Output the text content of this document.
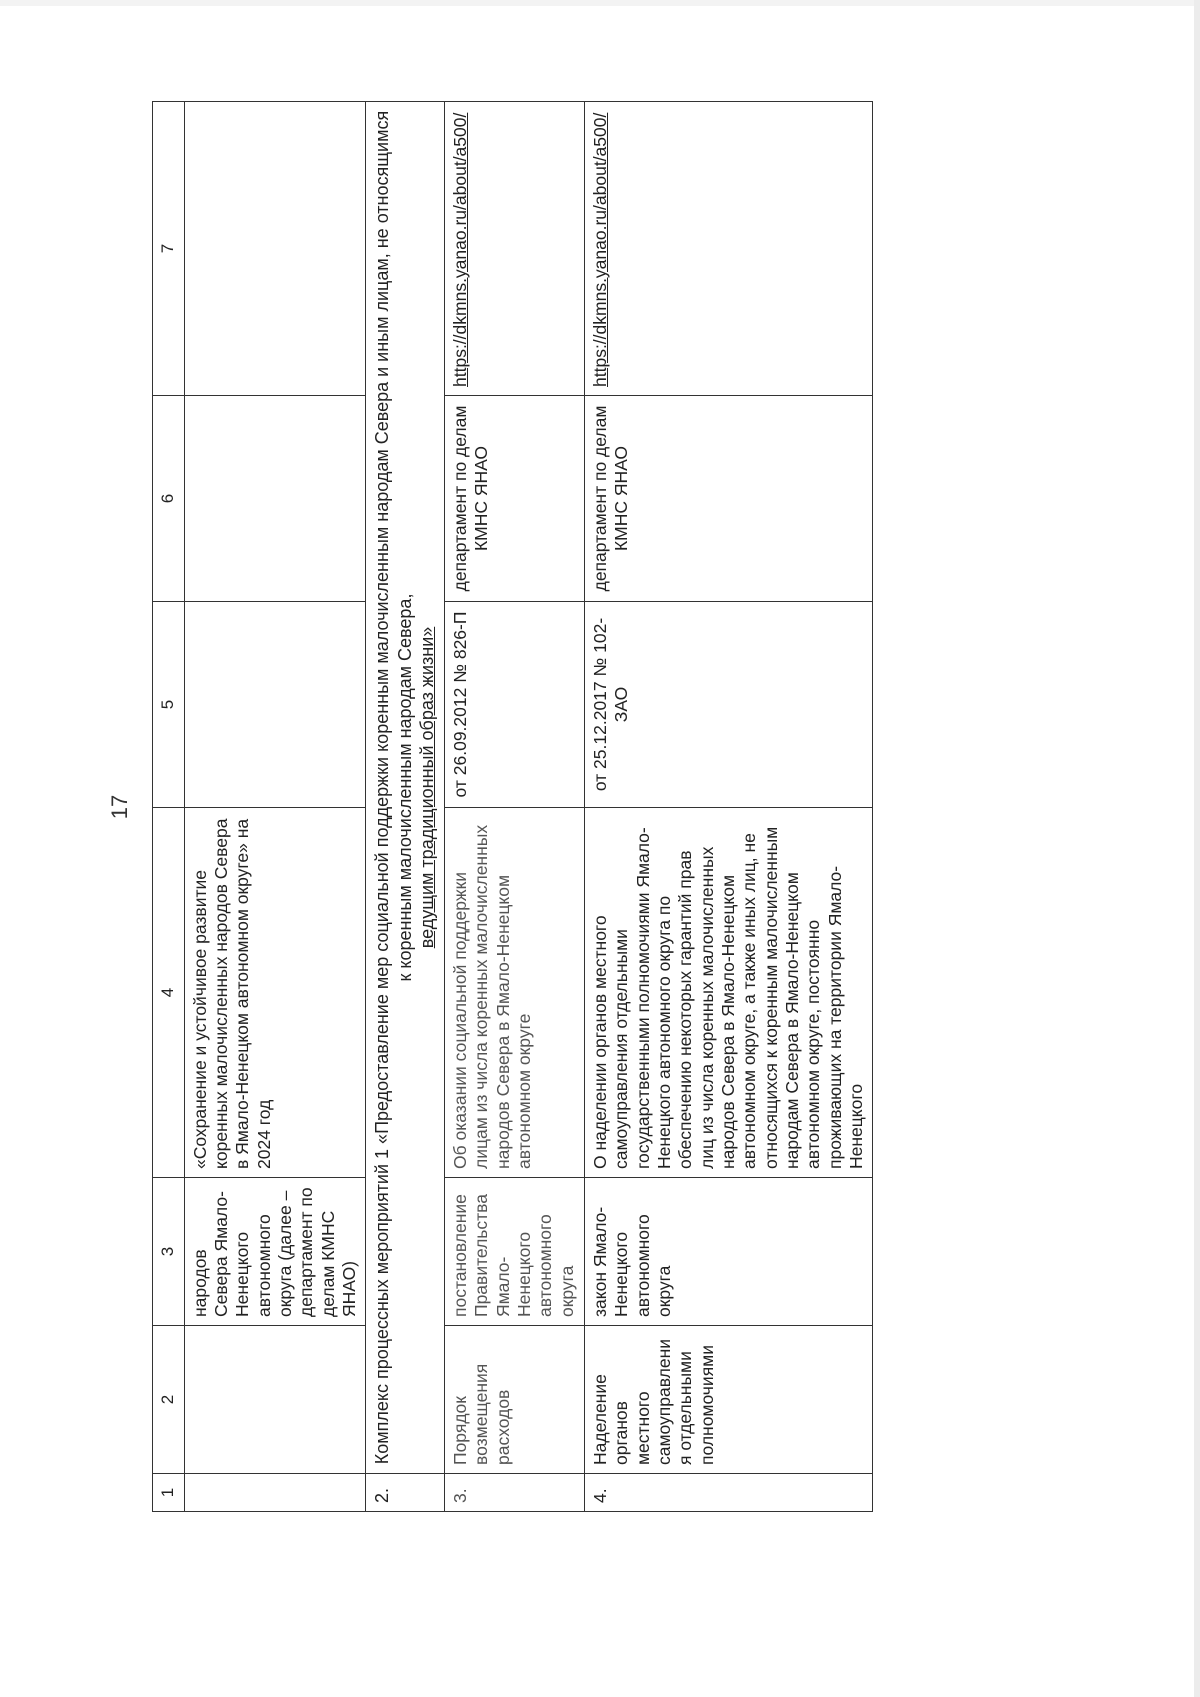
17
1	2	3	4	5	6	7
		народов Севера Ямало-Ненецкого автономного округа (далее – департамент по делам КМНС ЯНАО)	«Сохранение и устойчивое развитие коренных малочисленных народов Севера в Ямало-Ненецком автономном округе» на 2024 год			
2.	Комплекс процессных мероприятий 1 «Предоставление мер социальной поддержки коренным малочисленным народам Севера и иным лицам, не относящимся к коренным малочисленным народам Севера, ведущим традиционный образ жизни»					
3.	Порядок возмещения расходов	постановление Правительства Ямало-Ненецкого автономного округа	Об оказании социальной поддержки лицам из числа коренных малочисленных народов Севера в Ямало-Ненецком автономном округе	от 26.09.2012 № 826-П	департамент по делам КМНС ЯНАО	https://dkmns.yanao.ru/about/a500/
4.	Наделение органов местного самоуправления отдельными полномочиями	закон Ямало-Ненецкого автономного округа	О наделении органов местного самоуправления отдельными государственными полномочиями Ямало-Ненецкого автономного округа по обеспечению некоторых гарантий прав лиц из числа коренных малочисленных народов Севера в Ямало-Ненецком автономном округе, а также иных лиц, не относящихся к коренным малочисленным народам Севера в Ямало-Ненецком автономном округе, постоянно проживающих на территории Ямало-Ненецкого	от 25.12.2017 № 102-ЗАО	департамент по делам КМНС ЯНАО	https://dkmns.yanao.ru/about/a500/
